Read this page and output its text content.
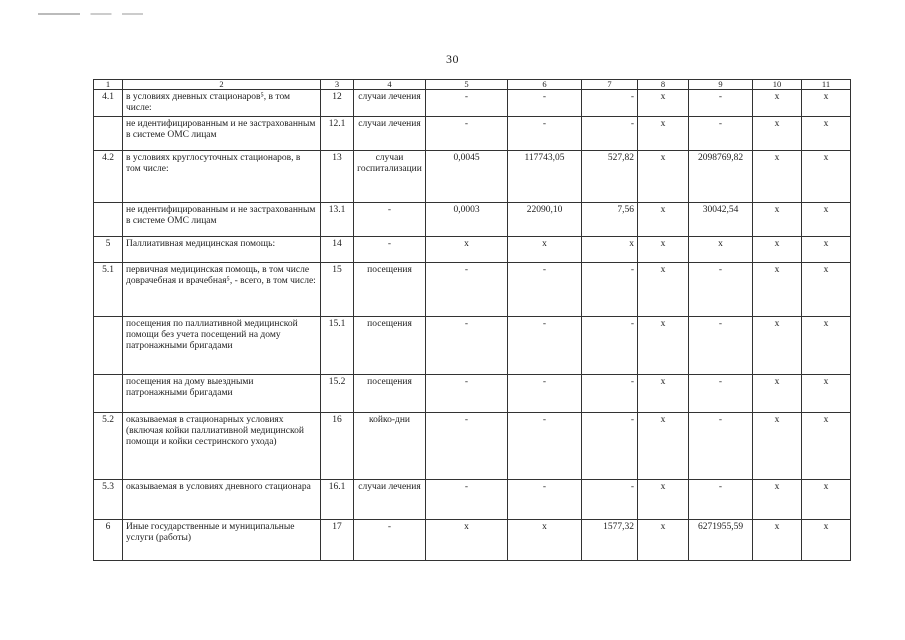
30
1	2	3	4	5	6	7	8	9	10	11
4.1	в условиях дневных стационаров⁵, в том числе:	12	случаи лечения	-	-	-	х	-	х	х
	не идентифицированным и не застрахованным в системе ОМС лицам	12.1	случаи лечения	-	-	-	х	-	х	х
4.2	в условиях круглосуточных стационаров, в том числе:	13	случаи госпитализации	0,0045	117743,05	527,82	х	2098769,82	х	х
	не идентифицированным и не застрахованным в системе ОМС лицам	13.1	-	0,0003	22090,10	7,56	х	30042,54	х	х
5	Паллиативная медицинская помощь:	14	-	х	х	х	х	х	х	х
5.1	первичная медицинская помощь, в том числе доврачебная и врачебная⁵, - всего, в том числе:	15	посещения	-	-	-	х	-	х	х
	посещения по паллиативной медицинской помощи без учета посещений на дому патронажными бригадами	15.1	посещения	-	-	-	х	-	х	х
	посещения на дому выездными патронажными бригадами	15.2	посещения	-	-	-	х	-	х	х
5.2	оказываемая в стационарных условиях (включая койки паллиативной медицинской помощи и койки сестринского ухода)	16	койко-дни	-	-	-	х	-	х	х
5.3	оказываемая в условиях дневного стационара	16.1	случаи лечения	-	-	-	х	-	х	х
6	Иные государственные и муниципальные услуги (работы)	17	-	х	х	1577,32	х	6271955,59	х	х
